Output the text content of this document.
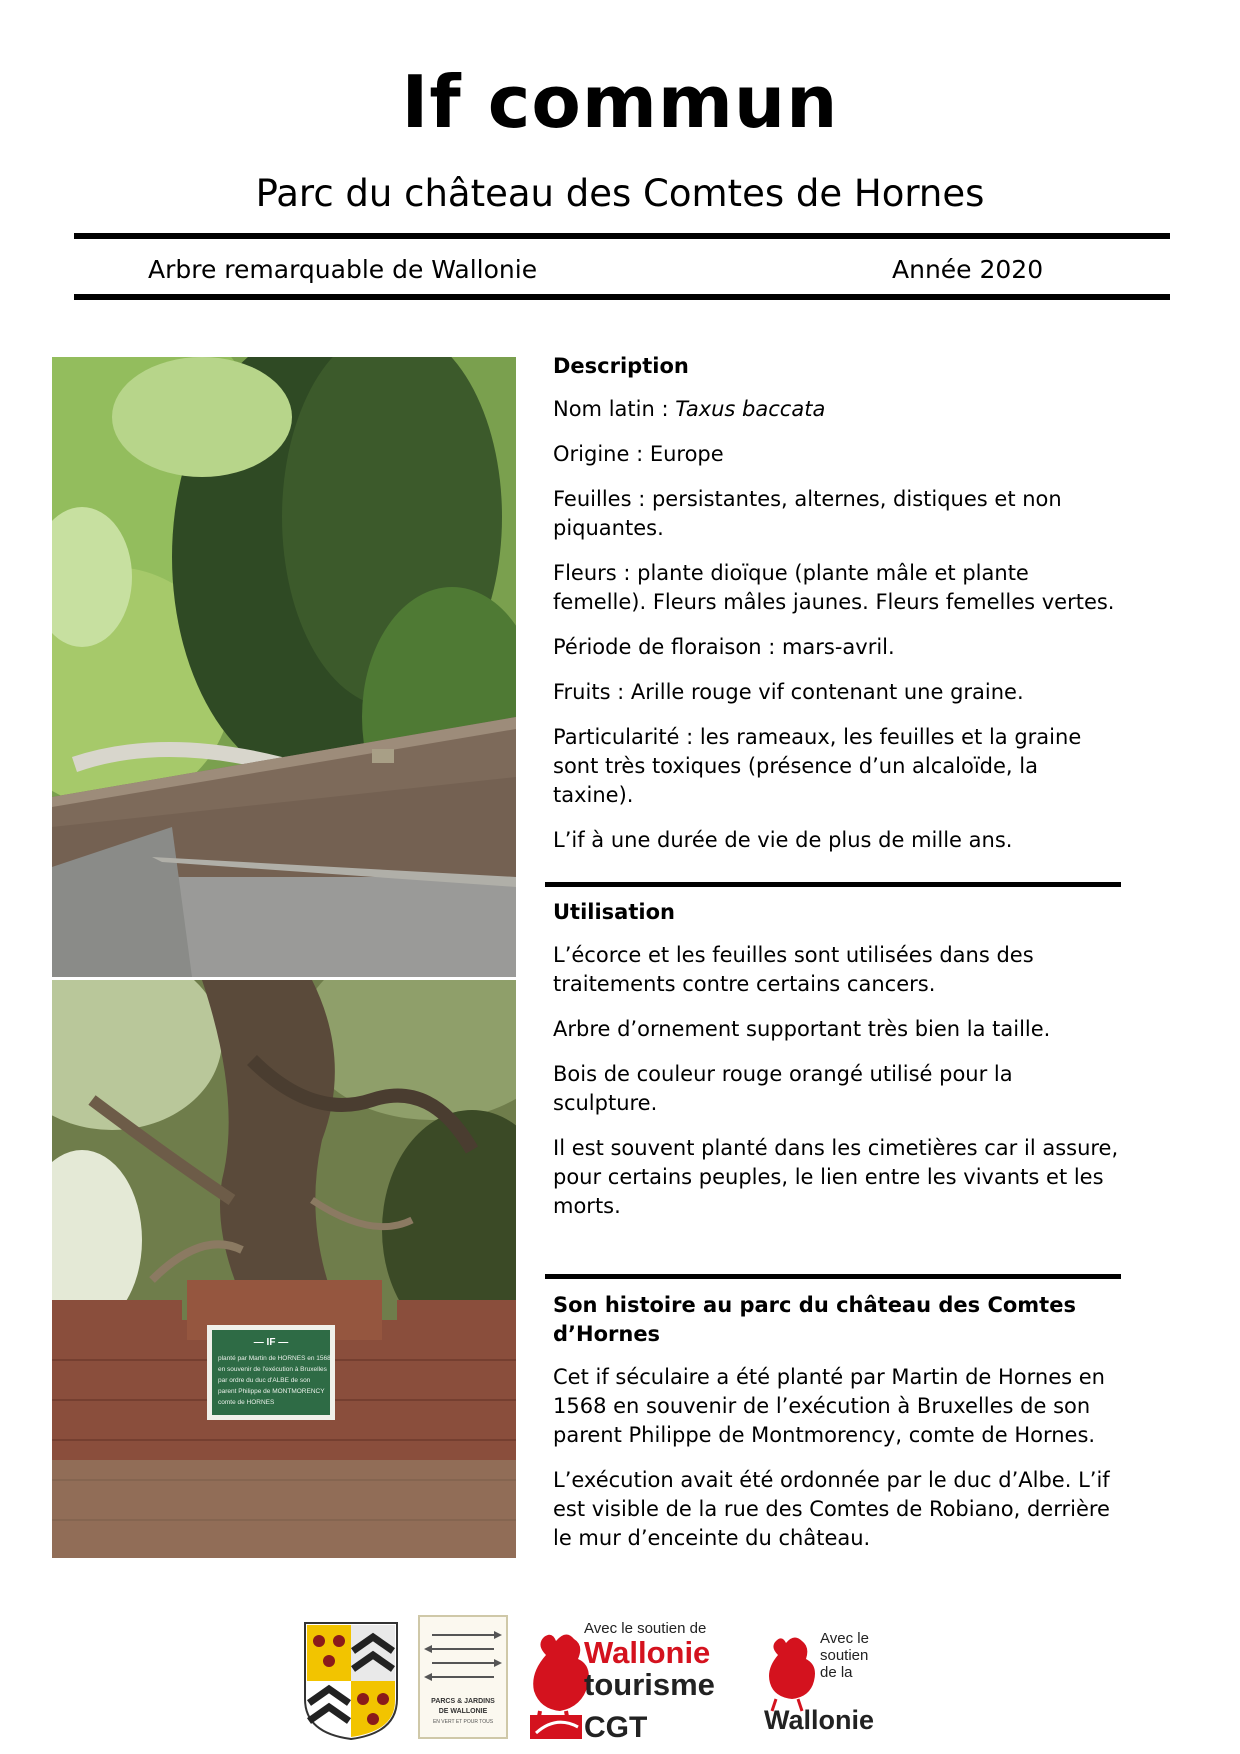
If commun
Parc du château des Comtes de Hornes
Arbre remarquable de Wallonie	Année 2020
— IF —
planté par Martin de HORNES en 1568
en souvenir de l'exécution à Bruxelles
par ordre du duc d'ALBE de son
parent Philippe de MONTMORENCY
comte de HORNES
Description

Nom latin : Taxus baccata

Origine : Europe

Feuilles : persistantes, alternes, distiques et non piquantes.

Fleurs : plante dioïque (plante mâle et plante femelle). Fleurs mâles jaunes. Fleurs femelles vertes.

Période de floraison : mars-avril.

Fruits : Arille rouge vif contenant une graine.

Particularité : les rameaux, les feuilles et la graine sont très toxiques (présence d’un alcaloïde, la taxine).

L’if à une durée de vie de plus de mille ans.

Utilisation

L’écorce et les feuilles sont utilisées dans des traitements contre certains cancers.

Arbre d’ornement supportant très bien la taille.

Bois de couleur rouge orangé utilisé pour la sculpture.

Il est souvent planté dans les cimetières car il assure, pour certains peuples, le lien entre les vivants et les morts.

Son histoire au parc du château des Comtes d’Hornes

Cet if séculaire a été planté par Martin de Hornes en 1568 en souvenir de l’exécution à Bruxelles de son parent Philippe de Montmorency, comte de Hornes.

L’exécution avait été ordonnée par le duc d’Albe. L’if est visible de la rue des Comtes de Robiano, derrière le mur d’enceinte du château.

PARCS & JARDINS
DE WALLONIE
EN VERT ET POUR TOUS
Avec le soutien de
Wallonie
tourisme
CGT
Avec le
soutien
de la
Wallonie
